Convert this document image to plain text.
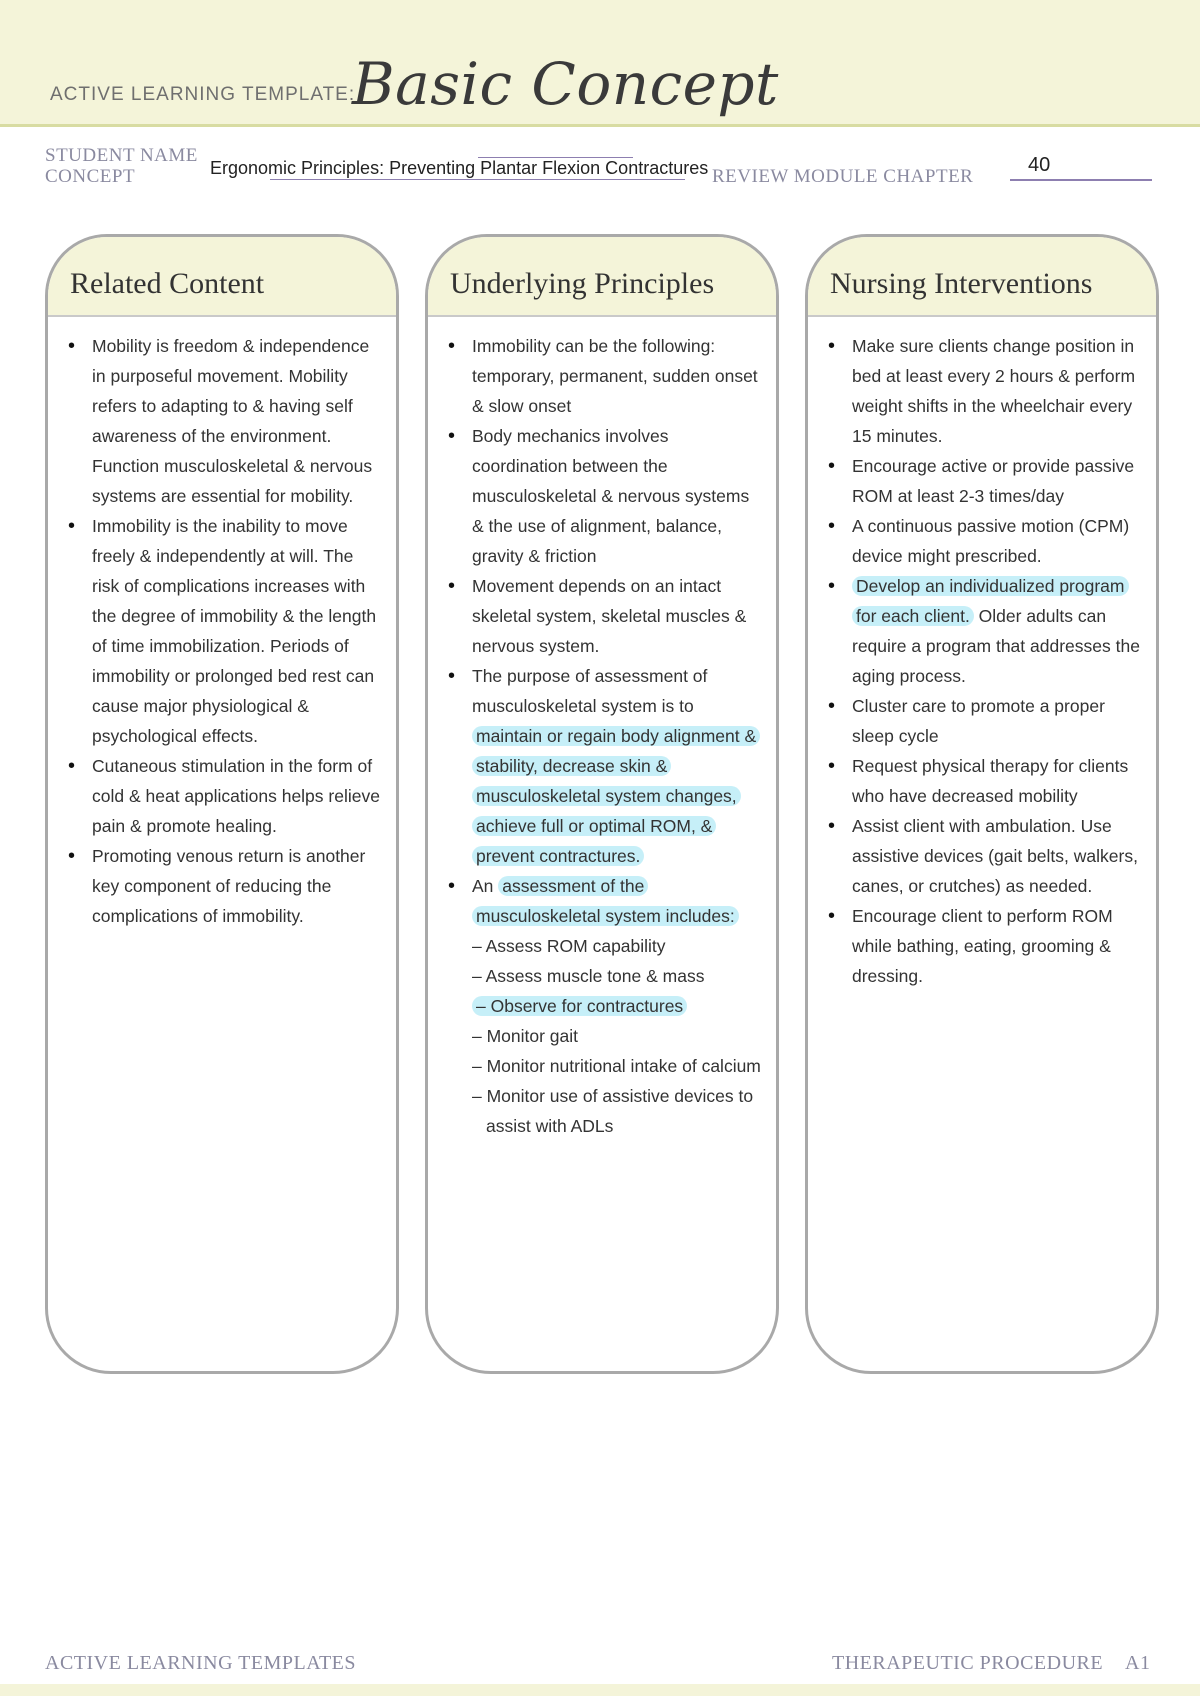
ACTIVE LEARNING TEMPLATE:
Basic Concept
STUDENT NAME
CONCEPT	Ergonomic Principles: Preventing Plantar Flexion Contractures REVIEW MODULE CHAPTER
40
Related Content
• Mobility is freedom & independence in purposeful movement. Mobility refers to adapting to & having self awareness of the environment. Function musculoskeletal & nervous systems are essential for mobility.
• Immobility is the inability to move freely & independently at will. The risk of complications increases with the degree of immobility & the length of time immobilization. Periods of immobility or prolonged bed rest can cause major physiological & psychological effects.
• Cutaneous stimulation in the form of cold & heat applications helps relieve pain & promote healing.
• Promoting venous return is another key component of reducing the complications of immobility.
Underlying Principles
• Immobility can be the following: temporary, permanent, sudden onset & slow onset
• Body mechanics involves coordination between the musculoskeletal & nervous systems & the use of alignment, balance, gravity & friction
• Movement depends on an intact skeletal system, skeletal muscles & nervous system.
• The purpose of assessment of musculoskeletal system is to maintain or regain body alignment & stability, decrease skin & musculoskeletal system changes, achieve full or optimal ROM, & prevent contractures.
• An assessment of the musculoskeletal system includes:
– Assess ROM capability
– Assess muscle tone & mass
– Observe for contractures
– Monitor gait
– Monitor nutritional intake of calcium
– Monitor use of assistive devices to assist with ADLs
Nursing Interventions
• Make sure clients change position in bed at least every 2 hours & perform weight shifts in the wheelchair every 15 minutes.
• Encourage active or provide passive ROM at least 2-3 times/day
• A continuous passive motion (CPM) device might prescribed.
• Develop an individualized program for each client. Older adults can require a program that addresses the aging process.
• Cluster care to promote a proper sleep cycle
• Request physical therapy for clients who have decreased mobility
• Assist client with ambulation. Use assistive devices (gait belts, walkers, canes, or crutches) as needed.
• Encourage client to perform ROM while bathing, eating, grooming & dressing.
ACTIVE LEARNING TEMPLATES	THERAPEUTIC PROCEDURE A1
